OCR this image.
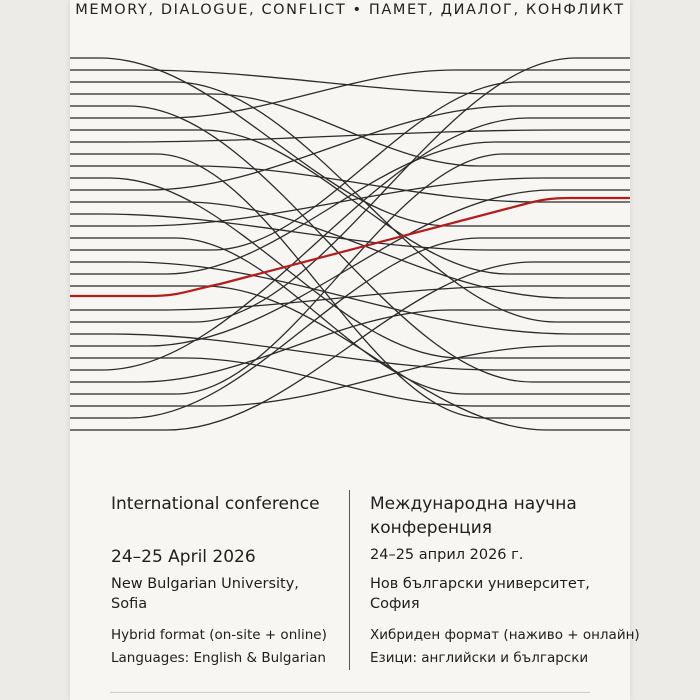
MEMORY, DIALOGUE, CONFLICT • ПАМЕТ, ДИАЛОГ, КОНФЛИКТ
International conference
24–25 April 2026
New Bulgarian University,
Sofia
Hybrid format (on-site + online)
Languages: English & Bulgarian
Международна научна
конференция
24–25 април 2026 г.
Нов български университет,
София
Хибриден формат (наживо + онлайн)
Езици: английски и български
